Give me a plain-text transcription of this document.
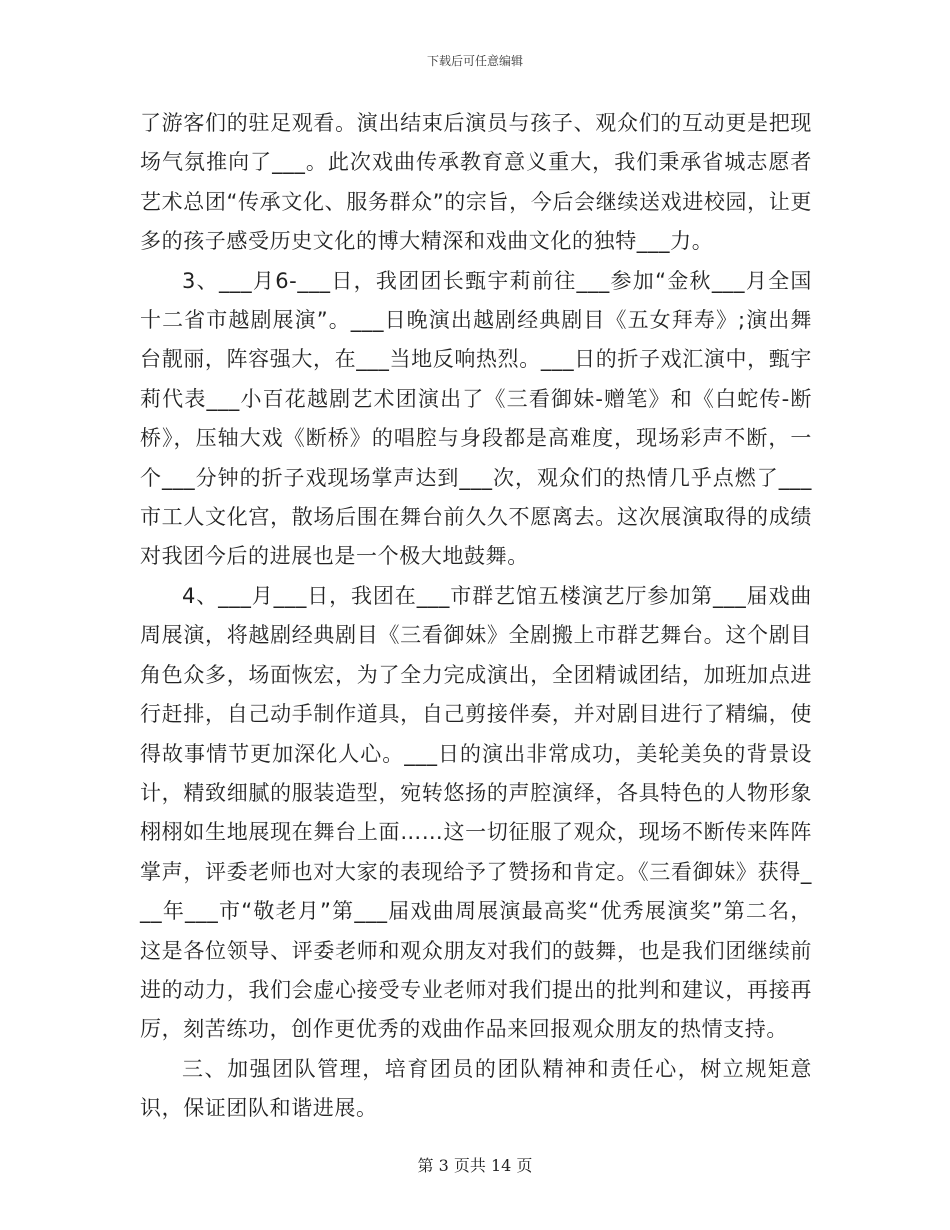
下载后可任意编辑

了游客们的驻足观看。演出结束后演员与孩子、观众们的互动更是把现场气氛推向了___。此次戏曲传承教育意义重大，我们秉承省城志愿者艺术总团“传承文化、服务群众”的宗旨，今后会继续送戏进校园，让更多的孩子感受历史文化的博大精深和戏曲文化的独特___力。

3、___月6-___日，我团团长甄宇莉前往___参加“金秋___月全国十二省市越剧展演”。___日晚演出越剧经典剧目《五女拜寿》;演出舞台靓丽，阵容强大，在___当地反响热烈。___日的折子戏汇演中，甄宇莉代表___小百花越剧艺术团演出了《三看御妹-赠笔》和《白蛇传-断桥》，压轴大戏《断桥》的唱腔与身段都是高难度，现场彩声不断，一个___分钟的折子戏现场掌声达到___次，观众们的热情几乎点燃了___市工人文化宫，散场后围在舞台前久久不愿离去。这次展演取得的成绩对我团今后的进展也是一个极大地鼓舞。

4、___月___日，我团在___市群艺馆五楼演艺厅参加第___届戏曲周展演，将越剧经典剧目《三看御妹》全剧搬上市群艺舞台。这个剧目角色众多，场面恢宏，为了全力完成演出，全团精诚团结，加班加点进行赶排，自己动手制作道具，自己剪接伴奏，并对剧目进行了精编，使得故事情节更加深化人心。___日的演出非常成功，美轮美奂的背景设计，精致细腻的服装造型，宛转悠扬的声腔演绎，各具特色的人物形象栩栩如生地展现在舞台上面……这一切征服了观众，现场不断传来阵阵掌声，评委老师也对大家的表现给予了赞扬和肯定。《三看御妹》获得___年___市“敬老月”第___届戏曲周展演最高奖“优秀展演奖”第二名，这是各位领导、评委老师和观众朋友对我们的鼓舞，也是我们团继续前进的动力，我们会虚心接受专业老师对我们提出的批判和建议，再接再厉，刻苦练功，创作更优秀的戏曲作品来回报观众朋友的热情支持。

三、加强团队管理，培育团员的团队精神和责任心，树立规矩意识，保证团队和谐进展。

第 3 页共 14 页
